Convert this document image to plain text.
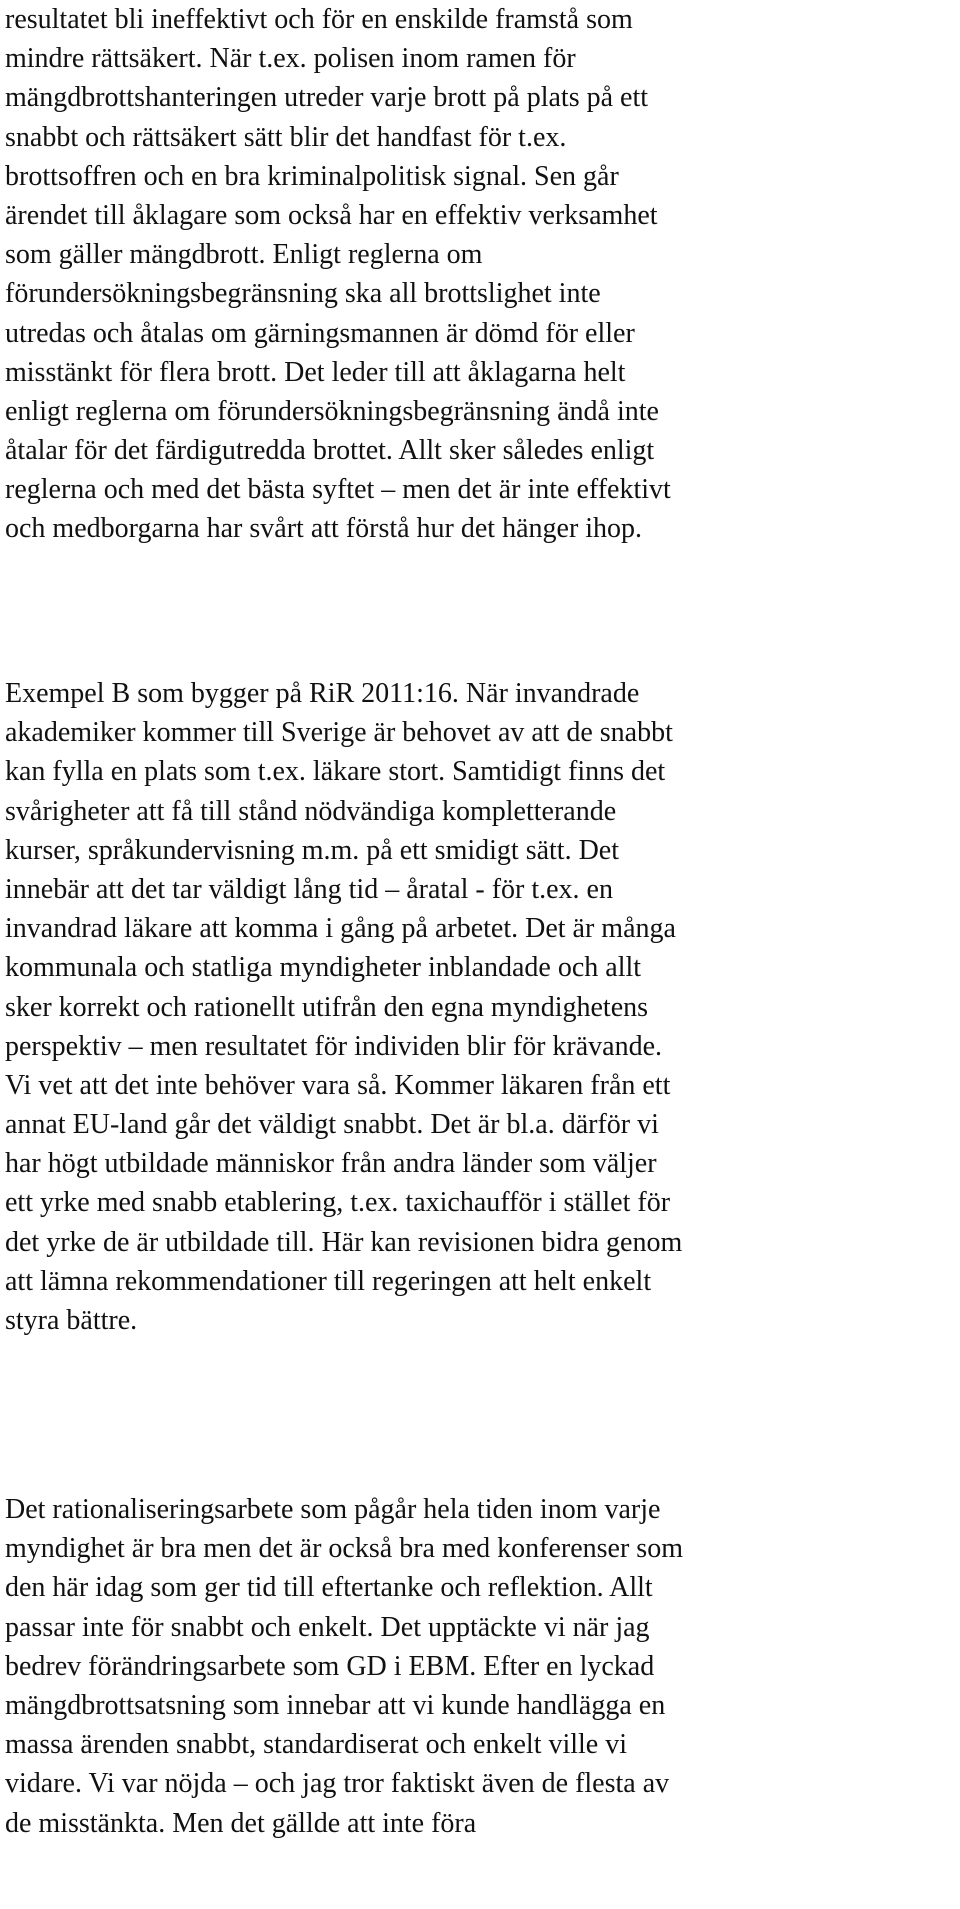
resultatet bli ineffektivt och för en enskilde framstå som
mindre rättsäkert. När t.ex. polisen inom ramen för
mängdbrottshanteringen utreder varje brott på plats på ett
snabbt och rättsäkert sätt blir det handfast för t.ex.
brottsoffren och en bra kriminalpolitisk signal. Sen går
ärendet till åklagare som också har en effektiv verksamhet
som gäller mängdbrott. Enligt reglerna om
förundersökningsbegränsning ska all brottslighet inte
utredas och åtalas om gärningsmannen är dömd för eller
misstänkt för flera brott. Det leder till att åklagarna helt
enligt reglerna om förundersökningsbegränsning ändå inte
åtalar för det färdigutredda brottet. Allt sker således enligt
reglerna och med det bästa syftet – men det är inte effektivt
och medborgarna har svårt att förstå hur det hänger ihop.

Exempel B som bygger på RiR 2011:16. När invandrade
akademiker kommer till Sverige är behovet av att de snabbt
kan fylla en plats som t.ex. läkare stort. Samtidigt finns det
svårigheter att få till stånd nödvändiga kompletterande
kurser, språkundervisning m.m. på ett smidigt sätt. Det
innebär att det tar väldigt lång tid – åratal - för t.ex. en
invandrad läkare att komma i gång på arbetet. Det är många
kommunala och statliga myndigheter inblandade och allt
sker korrekt och rationellt utifrån den egna myndighetens
perspektiv – men resultatet för individen blir för krävande.
Vi vet att det inte behöver vara så. Kommer läkaren från ett
annat EU-land går det väldigt snabbt. Det är bl.a. därför vi
har högt utbildade människor från andra länder som väljer
ett yrke med snabb etablering, t.ex. taxichaufför i stället för
det yrke de är utbildade till. Här kan revisionen bidra genom
att lämna rekommendationer till regeringen att helt enkelt
styra bättre.

Det rationaliseringsarbete som pågår hela tiden inom varje
myndighet är bra men det är också bra med konferenser som
den här idag som ger tid till eftertanke och reflektion. Allt
passar inte för snabbt och enkelt. Det upptäckte vi när jag
bedrev förändringsarbete som GD i EBM. Efter en lyckad
mängdbrottsatsning som innebar att vi kunde handlägga en
massa ärenden snabbt, standardiserat och enkelt ville vi
vidare. Vi var nöjda – och jag tror faktiskt även de flesta av
de misstänkta. Men det gällde att inte föra
